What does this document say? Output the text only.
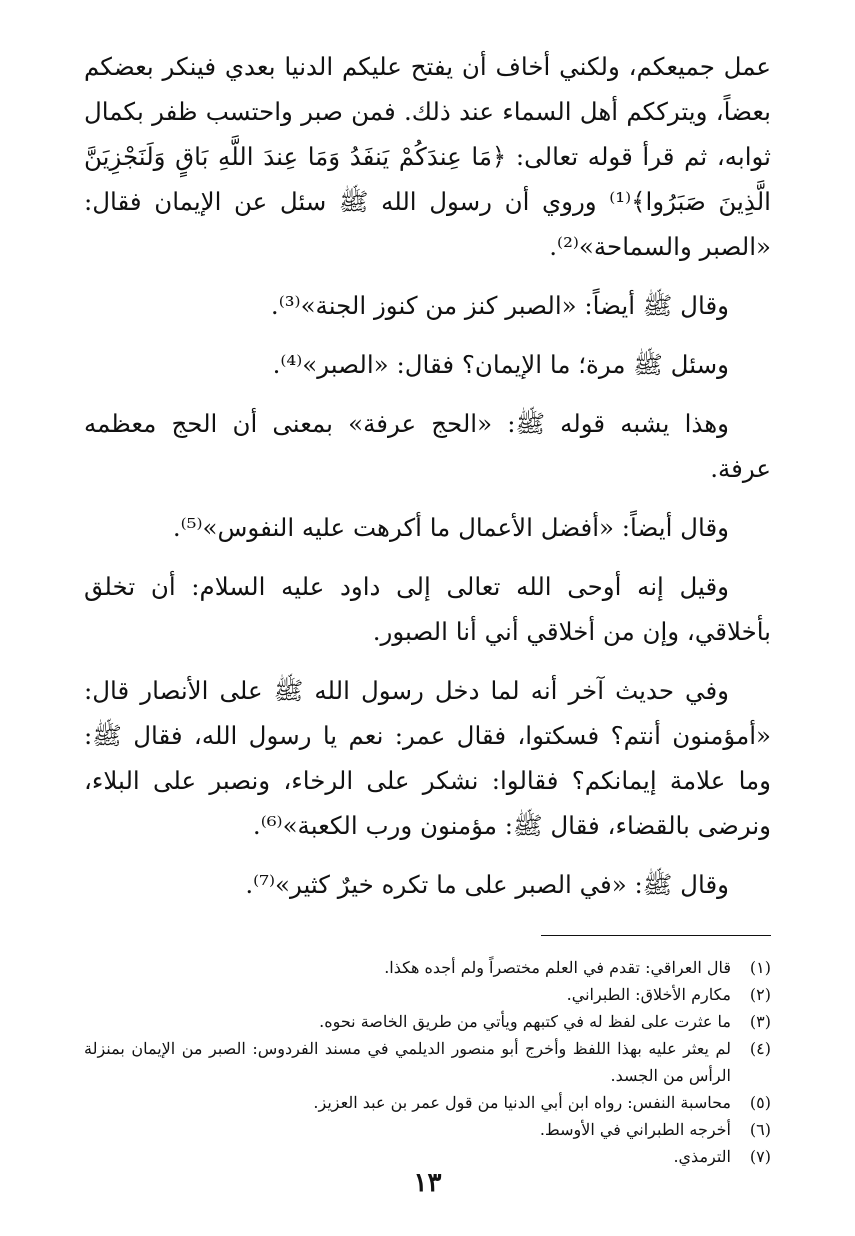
عمل جميعكم، ولكني أخاف أن يفتح عليكم الدنيا بعدي فينكر بعضكم بعضاً، ويترككم أهل السماء عند ذلك. فمن صبر واحتسب ظفر بكمال ثوابه، ثم قرأ قوله تعالى: ﴿مَا عِندَكُمْ يَنفَدُ وَمَا عِندَ اللَّهِ بَاقٍ وَلَنَجْزِيَنَّ الَّذِينَ صَبَرُوا﴾⁽¹⁾ وروي أن رسول الله ﷺ سئل عن الإيمان فقال: «الصبر والسماحة»⁽²⁾.

وقال ﷺ أيضاً: «الصبر كنز من كنوز الجنة»⁽³⁾.

وسئل ﷺ مرة؛ ما الإيمان؟ فقال: «الصبر»⁽⁴⁾.

وهذا يشبه قوله ﷺ: «الحج عرفة» بمعنى أن الحج معظمه عرفة.

وقال أيضاً: «أفضل الأعمال ما أكرهت عليه النفوس»⁽⁵⁾.

وقيل إنه أوحى الله تعالى إلى داود عليه السلام: أن تخلق بأخلاقي، وإن من أخلاقي أني أنا الصبور.

وفي حديث آخر أنه لما دخل رسول الله ﷺ على الأنصار قال: «أمؤمنون أنتم؟ فسكتوا، فقال عمر: نعم يا رسول الله، فقال ﷺ: وما علامة إيمانكم؟ فقالوا: نشكر على الرخاء، ونصبر على البلاء، ونرضى بالقضاء، فقال ﷺ: مؤمنون ورب الكعبة»⁽⁶⁾.

وقال ﷺ: «في الصبر على ما تكره خيرٌ كثير»⁽⁷⁾.

(١)
قال العراقي: تقدم في العلم مختصراً ولم أجده هكذا.
(٢)
مكارم الأخلاق: الطبراني.
(٣)
ما عثرت على لفظ له في كتبهم ويأتي من طريق الخاصة نحوه.
(٤)
لم يعثر عليه بهذا اللفظ وأخرج أبو منصور الديلمي في مسند الفردوس: الصبر من الإيمان بمنزلة الرأس من الجسد.
(٥)
محاسبة النفس: رواه ابن أبي الدنيا من قول عمر بن عبد العزيز.
(٦)
أخرجه الطبراني في الأوسط.
(٧)
الترمذي.
١٣
